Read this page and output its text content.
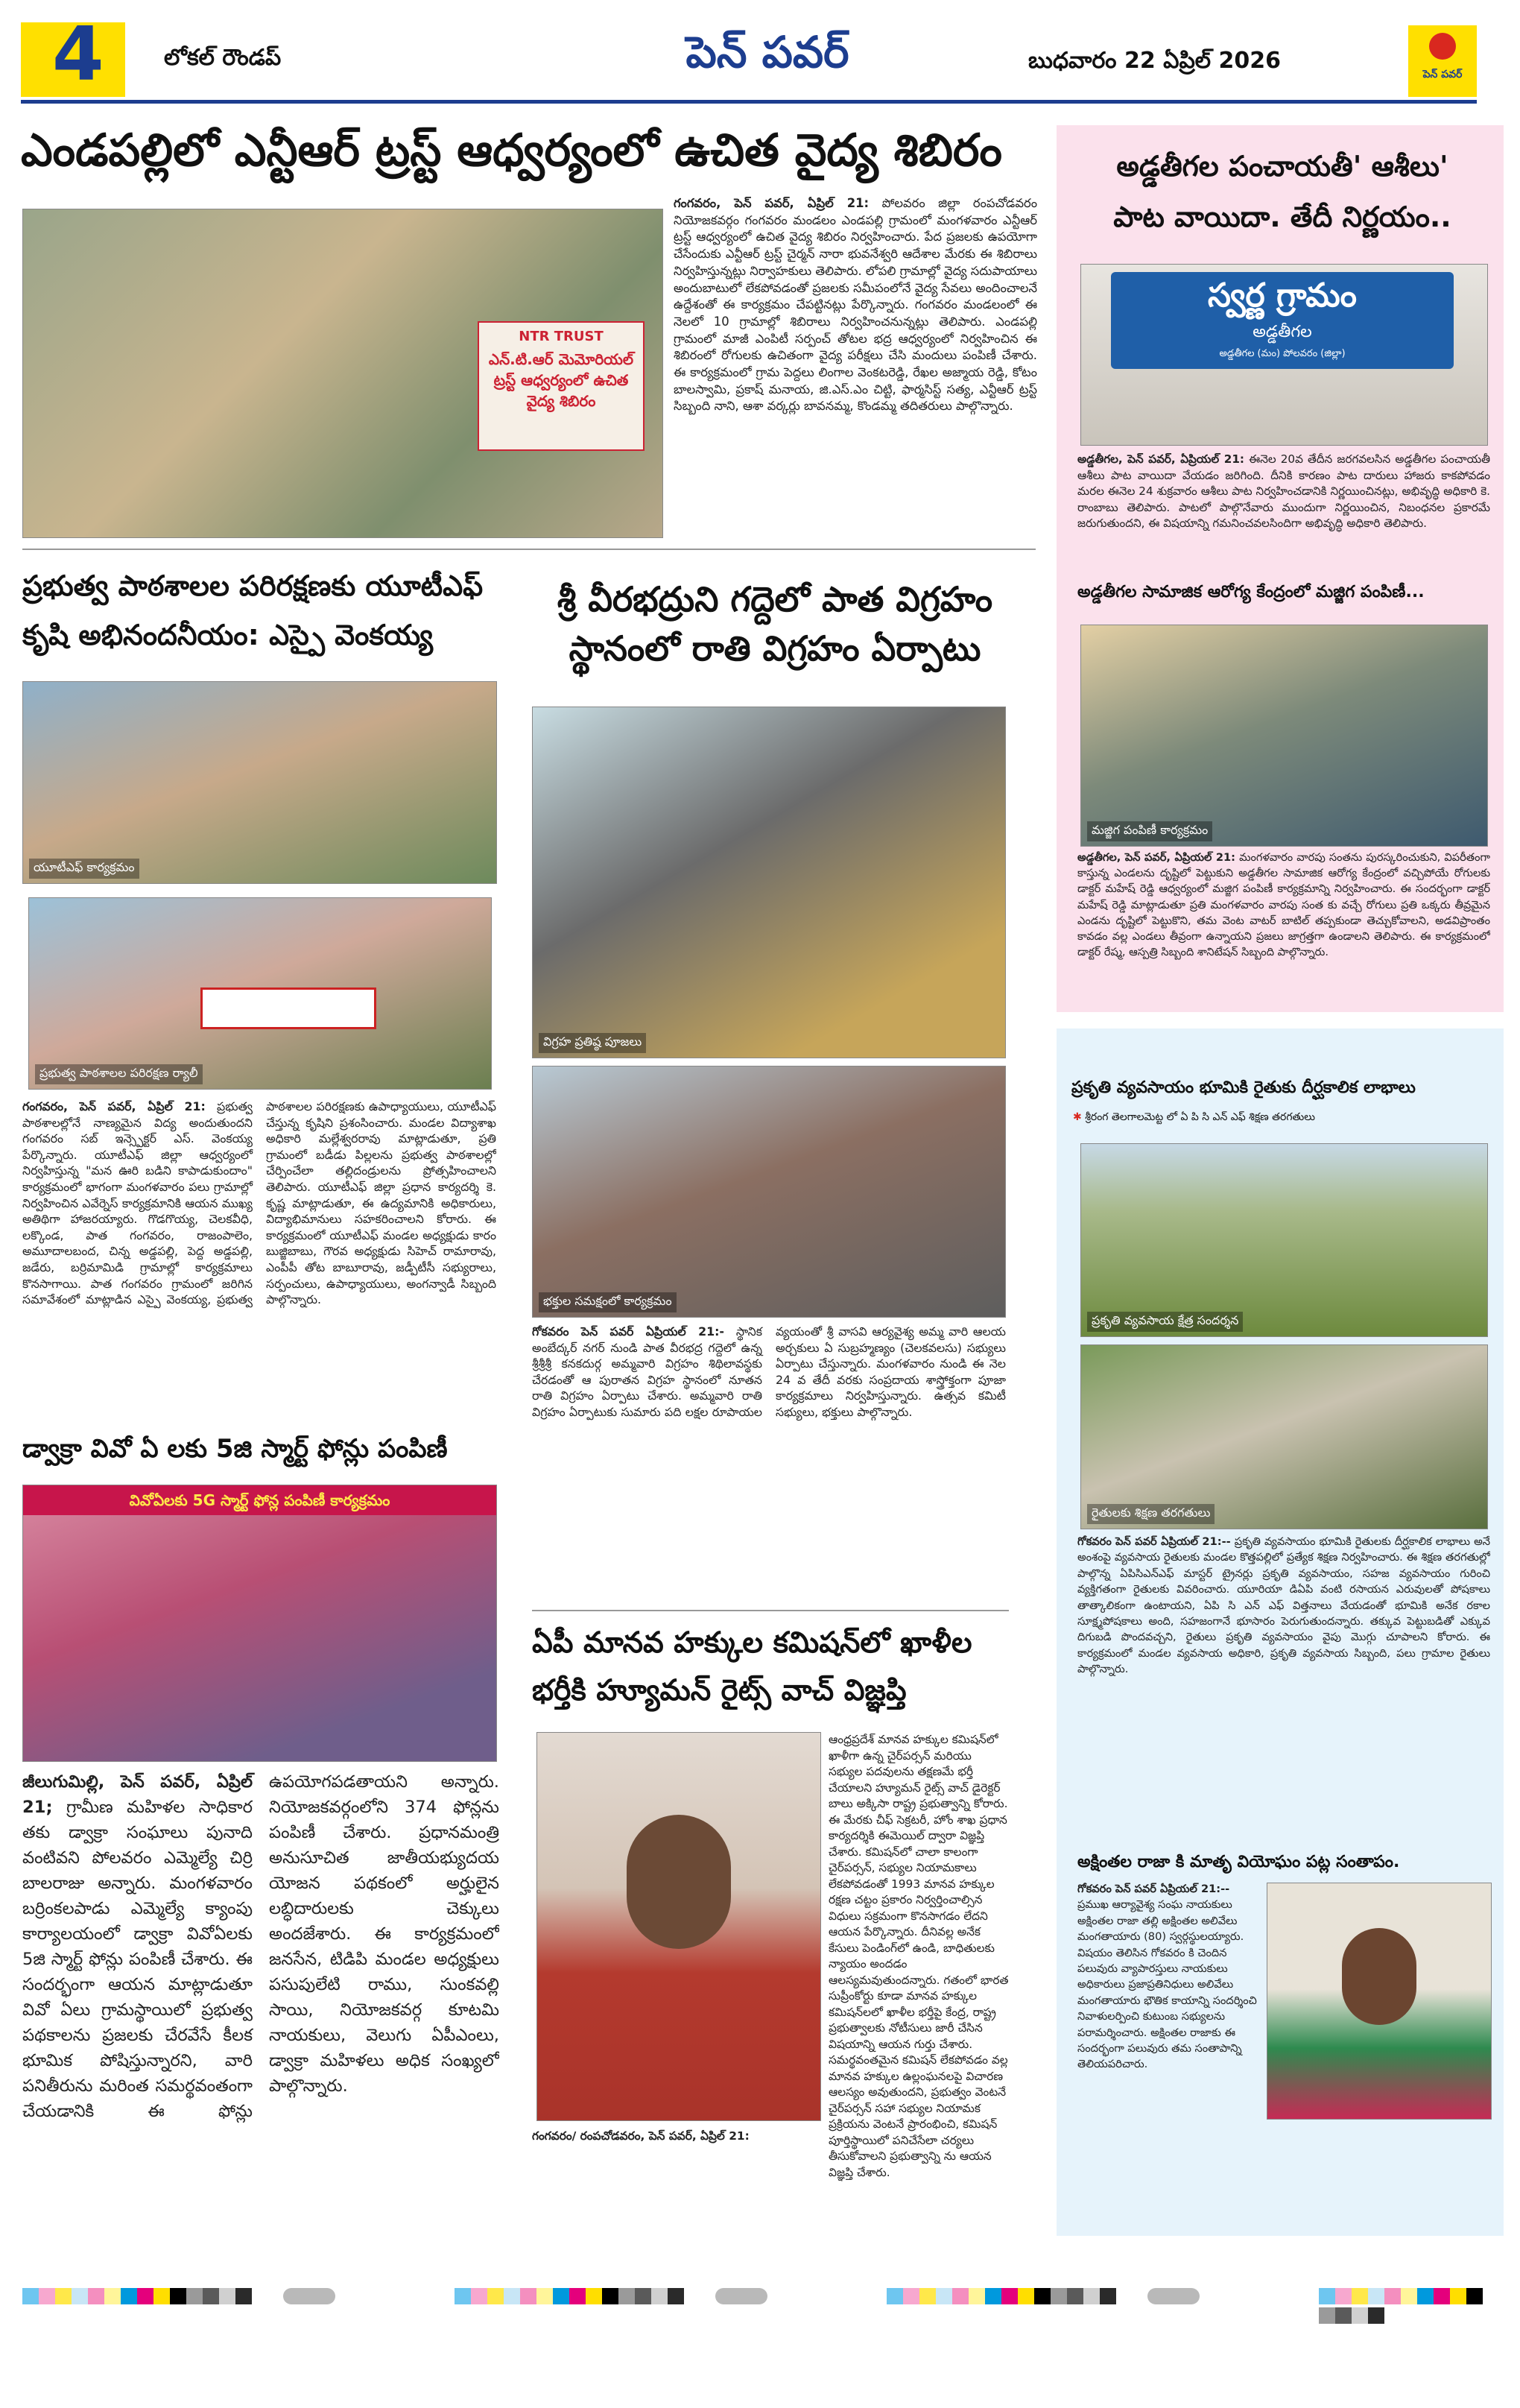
4	లోకల్ రౌండప్	పెన్ పవర్	బుధవారం 22 ఏప్రిల్ 2026
పెన్ పవర్
ఎండపల్లిలో ఎన్టీఆర్ ట్రస్ట్ ఆధ్వర్యంలో ఉచిత వైద్య శిబిరం
NTR TRUST
ఎన్.టి.ఆర్ మెమోరియల్ ట్రస్ట్ ఆధ్వర్యంలో ఉచిత వైద్య శిబిరం
గంగవరం, పెన్ పవర్, ఏప్రిల్ 21: పోలవరం జిల్లా రంపచోడవరం నియోజకవర్గం గంగవరం మండలం ఎండపల్లి గ్రామంలో మంగళవారం ఎన్టీఆర్ ట్రస్ట్ ఆధ్వర్యంలో ఉచిత వైద్య శిబిరం నిర్వహించారు. పేద ప్రజలకు ఉపయోగా చేసేందుకు ఎన్టీఆర్ ట్రస్ట్ చైర్మన్ నారా భువనేశ్వరి ఆదేశాల మేరకు ఈ శిబిరాలు నిర్వహిస్తున్నట్లు నిర్వాహకులు తెలిపారు. లోపలి గ్రామాల్లో వైద్య సదుపాయాలు అందుబాటులో లేకపోవడంతో ప్రజలకు సమీపంలోనే వైద్య సేవలు అందించాలనే ఉద్దేశంతో ఈ కార్యక్రమం చేపట్టినట్లు పేర్కొన్నారు. గంగవరం మండలంలో ఈ నెలలో 10 గ్రామాల్లో శిబిరాలు నిర్వహించనున్నట్లు తెలిపారు. ఎండపల్లి గ్రామంలో మాజీ ఎంపిటీ సర్పంచ్ తోటల భద్ర ఆధ్వర్యంలో నిర్వహించిన ఈ శిబిరంలో రోగులకు ఉచితంగా వైద్య పరీక్షలు చేసి మందులు పంపిణీ చేశారు. ఈ కార్యక్రమంలో గ్రామ పెద్దలు లింగాల వెంకటరెడ్డి, రేఖల అజ్మాయ రెడ్డి, కోటం బాలస్వామి, ప్రకాష్ మనాయ, జి.ఎస్.ఎం చిట్టి, ఫార్మసిస్ట్ సత్య, ఎన్టీఆర్ ట్రస్ట్ సిబ్బంది నాని, ఆశా వర్కర్లు బావనమ్మ, కొండమ్మ తదితరులు పాల్గొన్నారు.
ప్రభుత్వ పాఠశాలల పరిరక్షణకు యూటీఎఫ్
కృషి అభినందనీయం: ఎస్పై వెంకయ్య
యూటీఎఫ్ కార్యక్రమం
ప్రభుత్వ పాఠశాలల పరిరక్షణ ర్యాలీ
గంగవరం, పెన్ పవర్, ఏప్రిల్ 21: ప్రభుత్వ పాఠశాలల్లోనే నాణ్యమైన విద్య అందుతుందని గంగవరం సబ్ ఇన్స్పెక్టర్ ఎస్. వెంకయ్య పేర్కొన్నారు. యూటీఎఫ్ జిల్లా ఆధ్వర్యంలో నిర్వహిస్తున్న "మన ఊరి బడిని కాపాడుకుందాం" కార్యక్రమంలో భాగంగా మంగళవారం పలు గ్రామాల్లో నిర్వహించిన ఎవేర్నెస్ కార్యక్రమానికి ఆయన ముఖ్య అతిథిగా హాజరయ్యారు. గొడగొయ్య, చెలకవీధి, లక్కొండ, పాత గంగవరం, రాజంపాలెం, అమూదాలబంద, చిన్న అడ్డపల్లి, పెద్ద అడ్డపల్లి, జడేరు, బర్రిమామిడి గ్రామాల్లో కార్యక్రమాలు కొనసాగాయి. పాత గంగవరం గ్రామంలో జరిగిన సమావేశంలో మాట్లాడిన ఎస్పై వెంకయ్య, ప్రభుత్వ పాఠశాలల పరిరక్షణకు ఉపాధ్యాయులు, యూటీఎఫ్ చేస్తున్న కృషిని ప్రశంసించారు. మండల విద్యాశాఖ అధికారి మల్లేశ్వరరావు మాట్లాడుతూ, ప్రతి గ్రామంలో బడీడు పిల్లలను ప్రభుత్వ పాఠశాలల్లో చేర్పించేలా తల్లిదండ్రులను ప్రోత్సహించాలని తెలిపారు. యూటీఎఫ్ జిల్లా ప్రధాన కార్యదర్శి కె. కృష్ణ మాట్లాడుతూ, ఈ ఉద్యమానికి అధికారులు, విద్యాభిమానులు సహకరించాలని కోరారు. ఈ కార్యక్రమంలో యూటీఎఫ్ మండల అధ్యక్షుడు కారం బుజ్జిబాబు, గౌరవ అధ్యక్షుడు సిహెచ్ రామారావు, ఎంపీపీ తోట బాబూరావు, జడ్పీటీసీ సభ్యురాలు, సర్పంచులు, ఉపాధ్యాయులు, అంగన్వాడీ సిబ్బంది పాల్గొన్నారు.
శ్రీ వీరభద్రుని గద్దెలో పాత విగ్రహం
స్థానంలో రాతి విగ్రహం ఏర్పాటు
విగ్రహ ప్రతిష్ఠ పూజలు
భక్తుల సమక్షంలో కార్యక్రమం
గోకవరం పెన్ పవర్ ఏప్రియల్ 21:- స్థానిక అంబేద్కర్ నగర్ నుండి పాత వీరభద్ర గద్దెలో ఉన్న శ్రీశ్రీశ్రీ కనకదుర్గ అమ్మవారి విగ్రహం శిథిలావస్థకు చేరడంతో ఆ పురాతన విగ్రహ స్థానంలో నూతన రాతి విగ్రహం ఏర్పాటు చేశారు. అమ్మవారి రాతి విగ్రహం ఏర్పాటుకు సుమారు పది లక్షల రూపాయల వ్యయంతో శ్రీ వాసవి ఆర్యవైశ్య అమ్మ వారి ఆలయ అర్చకులు ఏ సుబ్రహ్మణ్యం (చెలకవలసు) సభ్యులు ఏర్పాటు చేస్తున్నారు. మంగళవారం నుండి ఈ నెల 24 వ తేదీ వరకు సంప్రదాయ శాస్త్రోక్తంగా పూజా కార్యక్రమాలు నిర్వహిస్తున్నారు. ఉత్సవ కమిటీ సభ్యులు, భక్తులు పాల్గొన్నారు.
డ్వాక్రా వివో ఏ లకు 5జి స్మార్ట్ ఫోన్లు పంపిణీ
వివోఏలకు 5G స్మార్ట్ ఫోన్ల పంపిణీ కార్యక్రమం
జీలుగుమిల్లి, పెన్ పవర్, ఏప్రిల్ 21; గ్రామీణ మహిళల సాధికార తకు డ్వాక్రా సంఘాలు పునాది వంటివని పోలవరం ఎమ్మెల్యే చిర్రి బాలరాజు అన్నారు. మంగళవారం బర్రింకలపాడు ఎమ్మెల్యే క్యాంపు కార్యాలయంలో డ్వాక్రా వివోఏలకు 5జి స్మార్ట్ ఫోన్లు పంపిణీ చేశారు. ఈ సందర్భంగా ఆయన మాట్లాడుతూ వివో ఏలు గ్రామస్థాయిలో ప్రభుత్వ పథకాలను ప్రజలకు చేరవేసే కీలక భూమిక పోషిస్తున్నారని, వారి పనితీరును మరింత సమర్థవంతంగా చేయడానికి ఈ ఫోన్లు ఉపయోగపడతాయని అన్నారు. నియోజకవర్గంలోని 374 ఫోన్లను పంపిణీ చేశారు. ప్రధానమంత్రి అనుసూచిత జాతీయభ్యుదయ యోజన పథకంలో అర్హులైన లబ్ధిదారులకు చెక్కులు అందజేశారు. ఈ కార్యక్రమంలో జనసేన, టిడిపి మండల అధ్యక్షులు పసుపులేటి రాము, సుంకవల్లి సాయి, నియోజకవర్గ కూటమి నాయకులు, వెలుగు ఏపీఎంలు, డ్వాక్రా మహిళలు అధిక సంఖ్యలో పాల్గొన్నారు.
ఏపీ మానవ హక్కుల కమిషన్‌లో ఖాళీల
భర్తీకి హ్యూమన్ రైట్స్ వాచ్ విజ్ఞప్తి
ఆంధ్రప్రదేశ్ మానవ హక్కుల కమిషన్‌లో ఖాళీగా ఉన్న చైర్‌పర్సన్ మరియు సభ్యుల పదవులను తక్షణమే భర్తీ చేయాలని హ్యూమన్ రైట్స్ వాచ్ డైరెక్టర్ బాలు అక్కిసా రాష్ట్ర ప్రభుత్వాన్ని కోరారు. ఈ మేరకు చీఫ్ సెక్రటరీ, హోం శాఖ ప్రధాన కార్యదర్శికి ఈమెయిల్ ద్వారా విజ్ఞప్తి చేశారు. కమిషన్‌లో చాలా కాలంగా చైర్‌పర్సన్, సభ్యుల నియామకాలు లేకపోవడంతో 1993 మానవ హక్కుల రక్షణ చట్టం ప్రకారం నిర్వర్తించాల్సిన విధులు సక్రమంగా కొనసాగడం లేదని ఆయన పేర్కొన్నారు. దీనివల్ల అనేక కేసులు పెండింగ్‌లో ఉండి, బాధితులకు న్యాయం అందడం ఆలస్యమవుతుందన్నారు. గతంలో భారత సుప్రీంకోర్టు కూడా మానవ హక్కుల కమిషన్‌లలో ఖాళీల భర్తీపై కేంద్ర, రాష్ట్ర ప్రభుత్వాలకు నోటీసులు జారీ చేసిన విషయాన్ని ఆయన గుర్తు చేశారు. సమర్థవంతమైన కమిషన్ లేకపోవడం వల్ల మానవ హక్కుల ఉల్లంఘనలపై విచారణ ఆలస్యం అవుతుందని, ప్రభుత్వం వెంటనే చైర్‌పర్సన్ సహా సభ్యుల నియామక ప్రక్రియను వెంటనే ప్రారంభించి, కమిషన్ పూర్తిస్థాయిలో పనిచేసేలా చర్యలు తీసుకోవాలని ప్రభుత్వాన్ని ను ఆయన విజ్ఞప్తి చేశారు.
గంగవరం/ రంపచోడవరం, పెన్ పవర్, ఏప్రిల్ 21:
అడ్డతీగల పంచాయతీ' ఆశీలు'
పాట వాయిదా. తేదీ నిర్ణయం..
స్వర్ణ గ్రామం
అడ్డతీగల
అడ్డతీగల (మం) పోలవరం (జిల్లా)
అడ్డతీగల, పెన్ పవర్, ఏప్రియల్ 21: ఈనెల 20వ తేదీన జరగవలసిన అడ్డతీగల పంచాయతీ ఆశీలు పాట వాయిదా వేయడం జరిగింది. దీనికి కారణం పాట దారులు హాజరు కాకపోవడం మరల ఈనెల 24 శుక్రవారం ఆశీలు పాట నిర్వహించడానికి నిర్ణయించినట్లు, అభివృద్ధి అధికారి కె. రాంబాబు తెలిపారు. పాటలో పాల్గొనేవారు ముందుగా నిర్ణయించిన, నిబంధనల ప్రకారమే జరుగుతుందని, ఈ విషయాన్ని గమనించవలసిందిగా అభివృద్ధి అధికారి తెలిపారు.
అడ్డతీగల సామాజిక ఆరోగ్య కేంద్రంలో మజ్జిగ పంపిణీ...
మజ్జిగ పంపిణీ కార్యక్రమం
అడ్డతీగల, పెన్ పవర్, ఏప్రియల్ 21: మంగళవారం వారపు సంతను పురస్కరించుకుని, విపరీతంగా కాస్తున్న ఎండలను దృష్టిలో పెట్టుకుని అడ్డతీగల సామాజిక ఆరోగ్య కేంద్రంలో వచ్చిపోయే రోగులకు డాక్టర్ మహేష్ రెడ్డి ఆధ్వర్యంలో మజ్జిగ పంపిణీ కార్యక్రమాన్ని నిర్వహించారు. ఈ సందర్భంగా డాక్టర్ మహేష్ రెడ్డి మాట్లాడుతూ ప్రతి మంగళవారం వారపు సంత కు వచ్చే రోగులు ప్రతి ఒక్కరు తీవ్రమైన ఎండను దృష్టిలో పెట్టుకొని, తమ వెంట వాటర్ బాటిల్ తప్పకుండా తెచ్చుకోవాలని, అడవిప్రాంతం కావడం వల్ల ఎండలు తీవ్రంగా ఉన్నాయని ప్రజలు జాగ్రత్తగా ఉండాలని తెలిపారు. ఈ కార్యక్రమంలో డాక్టర్ రేష్మ, ఆస్పత్రి సిబ్బంది శానిటేషన్ సిబ్బంది పాల్గొన్నారు.
ప్రకృతి వ్యవసాయం భూమికి రైతుకు దీర్ఘకాలిక లాభాలు
✱ శ్రీరంగ తెలగాలమెట్ట లో ఏ పి సి ఎన్ ఎఫ్ శిక్షణ తరగతులు
ప్రకృతి వ్యవసాయ క్షేత్ర సందర్శన
రైతులకు శిక్షణ తరగతులు
గోకవరం పెన్ పవర్ ఏప్రియల్ 21:-- ప్రకృతి వ్యవసాయం భూమికి రైతులకు దీర్ఘకాలిక లాభాలు అనే అంశంపై వ్యవసాయ రైతులకు మండల కొత్తపల్లిలో ప్రత్యేక శిక్షణ నిర్వహించారు. ఈ శిక్షణ తరగతుల్లో పాల్గొన్న ఏపిసిఎన్ఎఫ్ మాస్టర్ ట్రైనర్లు ప్రకృతి వ్యవసాయం, సహజ వ్యవసాయం గురించి వ్యక్తిగతంగా రైతులకు వివరించారు. యూరియా డిఏపి వంటి రసాయన ఎరువులతో పోషకాలు తాత్కాలికంగా ఉంటాయని, ఏపి సి ఎన్ ఎఫ్ విత్తనాలు వేయడంతో భూమికి అనేక రకాల సూక్ష్మపోషకాలు అంది, సహజంగానే భూసారం పెరుగుతుందన్నారు. తక్కువ పెట్టుబడితో ఎక్కువ దిగుబడి పొందవచ్చని, రైతులు ప్రకృతి వ్యవసాయం వైపు మొగ్గు చూపాలని కోరారు. ఈ కార్యక్రమంలో మండల వ్యవసాయ అధికారి, ప్రకృతి వ్యవసాయ సిబ్బంది, పలు గ్రామాల రైతులు పాల్గొన్నారు.
అక్షింతల రాజా కి మాతృ వియోఘం పట్ల సంతాపం.
గోకవరం పెన్ పవర్ ఏప్రియల్ 21:-- ప్రముఖ ఆర్యావైశ్య సంఘ నాయకులు అక్షింతల రాజా తల్లి అక్షింతల అలివేలు మంగతాయారు (80) స్వర్గస్థులయ్యారు. విషయం తెలిసిన గోకవరం కి చెందిన పలువురు వ్యాపారస్తులు నాయకులు అధికారులు ప్రజాప్రతినిధులు అలివేలు మంగతాయారు భౌతిక కాయాన్ని సందర్శించి నివాళులర్పించి కుటుంబ సభ్యులను పరామర్శించారు. అక్షింతల రాజాకు ఈ సందర్భంగా పలువురు తమ సంతాపాన్ని తెలియపరిచారు.
